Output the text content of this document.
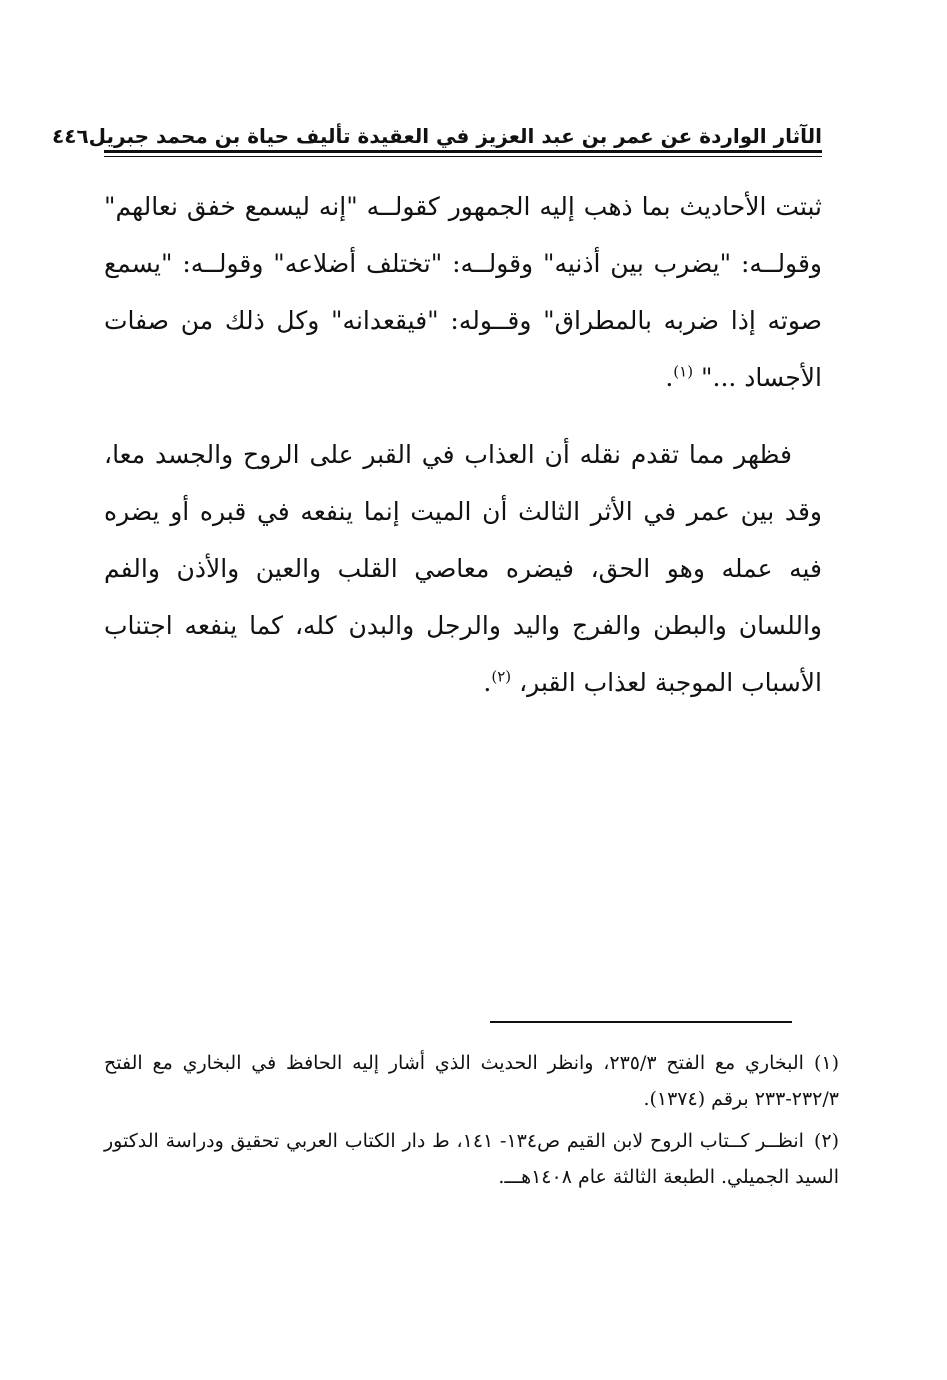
الآثار الواردة عن عمر بن عبد العزيز في العقيدة تأليف حياة بن محمد جبريل
٤٤٦

ثبتت الأحاديث بما ذهب إليه الجمهور كقولــه "إنه ليسمع خفق نعالهم" وقولــه: "يضرب بين أذنيه" وقولــه: "تختلف أضلاعه" وقولــه: "يسمع صوته إذا ضربه بالمطراق" وقــوله: "فيقعدانه" وكل ذلك من صفات الأجساد ..." $^{(١)}$.

فظهر مما تقدم نقله أن العذاب في القبر على الروح والجسد معا، وقد بين عمر في الأثر الثالث أن الميت إنما ينفعه في قبره أو يضره فيه عمله وهو الحق، فيضره معاصي القلب والعين والأذن والفم واللسان والبطن والفرج واليد والرجل والبدن كله، كما ينفعه اجتناب الأسباب الموجبة لعذاب القبر، $^{(٢)}$.

(١)البخاري مع الفتح ٢٣٥/٣، وانظر الحديث الذي أشار إليه الحافظ في البخاري مع الفتح ٢٣٢/٣-٢٣٣ برقم (١٣٧٤).

(٢)انظــر كــتاب الروح لابن القيم ص١٣٤- ١٤١، ط دار الكتاب العربي تحقيق ودراسة الدكتور السيد الجميلي. الطبعة الثالثة عام ١٤٠٨هـــ.
